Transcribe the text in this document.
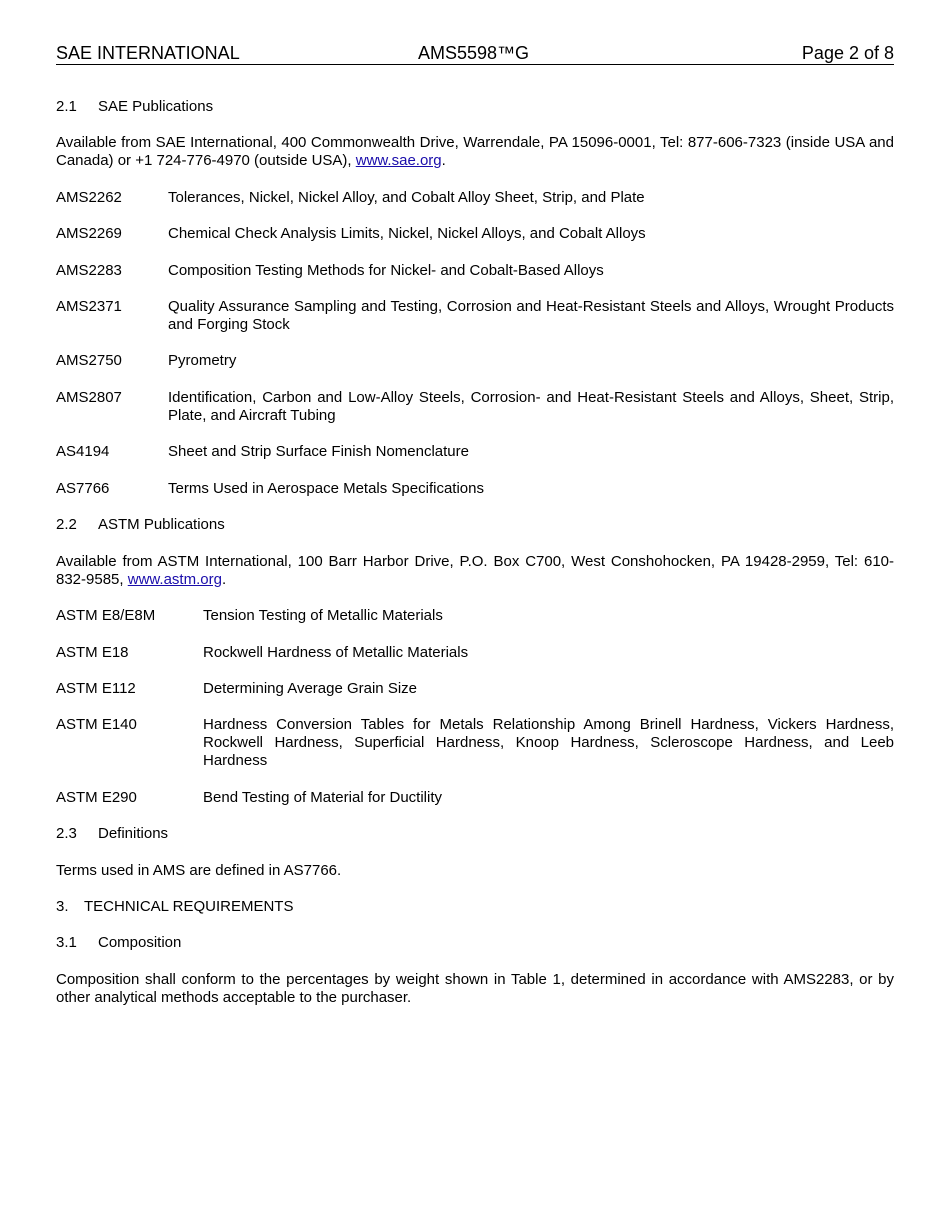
SAE INTERNATIONAL	AMS5598™G	Page 2 of 8
2.1 SAE Publications

Available from SAE International, 400 Commonwealth Drive, Warrendale, PA 15096-0001, Tel: 877-606-7323 (inside USA and Canada) or +1 724-776-4970 (outside USA), www.sae.org.
AMS2262	Tolerances, Nickel, Nickel Alloy, and Cobalt Alloy Sheet, Strip, and Plate
AMS2269	Chemical Check Analysis Limits, Nickel, Nickel Alloys, and Cobalt Alloys
AMS2283	Composition Testing Methods for Nickel- and Cobalt-Based Alloys
AMS2371	Quality Assurance Sampling and Testing, Corrosion and Heat-Resistant Steels and Alloys, Wrought Products and Forging Stock
AMS2750	Pyrometry
AMS2807	Identification, Carbon and Low-Alloy Steels, Corrosion- and Heat-Resistant Steels and Alloys, Sheet, Strip, Plate, and Aircraft Tubing
AS4194	Sheet and Strip Surface Finish Nomenclature
AS7766	Terms Used in Aerospace Metals Specifications
2.2 ASTM Publications

Available from ASTM International, 100 Barr Harbor Drive, P.O. Box C700, West Conshohocken, PA 19428-2959, Tel: 610-832-9585, www.astm.org.
ASTM E8/E8M	Tension Testing of Metallic Materials
ASTM E18	Rockwell Hardness of Metallic Materials
ASTM E112	Determining Average Grain Size
ASTM E140	Hardness Conversion Tables for Metals Relationship Among Brinell Hardness, Vickers Hardness, Rockwell Hardness, Superficial Hardness, Knoop Hardness, Scleroscope Hardness, and Leeb Hardness
ASTM E290	Bend Testing of Material for Ductility
2.3 Definitions

Terms used in AMS are defined in AS7766.
3. TECHNICAL REQUIREMENTS

3.1 Composition

Composition shall conform to the percentages by weight shown in Table 1, determined in accordance with AMS2283, or by other analytical methods acceptable to the purchaser.
